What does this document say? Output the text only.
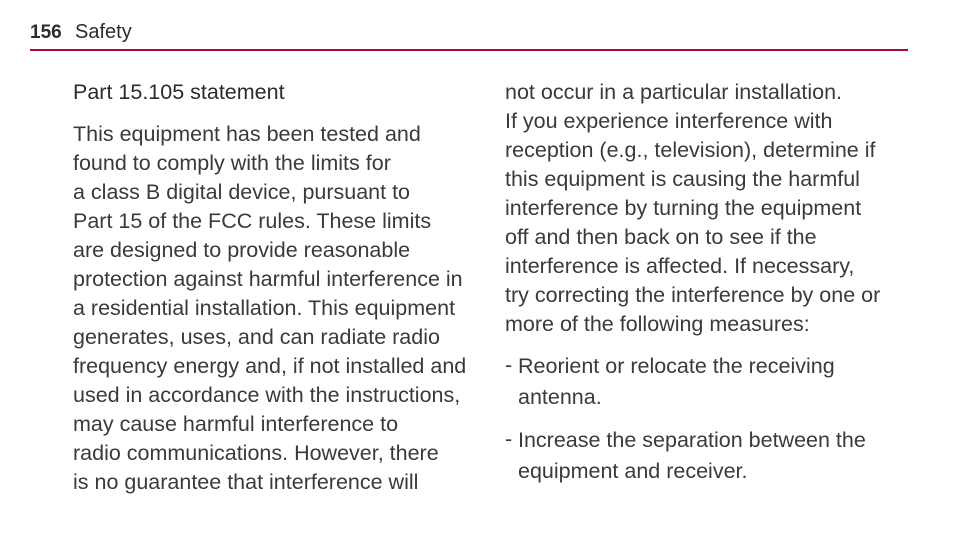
156 Safety
Part 15.105 statement
This equipment has been tested and
found to comply with the limits for
a class B digital device, pursuant to
Part 15 of the FCC rules. These limits
are designed to provide reasonable
protection against harmful interference in
a residential installation. This equipment
generates, uses, and can radiate radio
frequency energy and, if not installed and
used in accordance with the instructions,
may cause harmful interference to
radio communications. However, there
is no guarantee that interference will
not occur in a particular installation.
If you experience interference with
reception (e.g., television), determine if
this equipment is causing the harmful
interference by turning the equipment
off and then back on to see if the
interference is affected. If necessary,
try correcting the interference by one or
more of the following measures:
- Reorient or relocate the receiving
antenna.
- Increase the separation between the
equipment and receiver.
